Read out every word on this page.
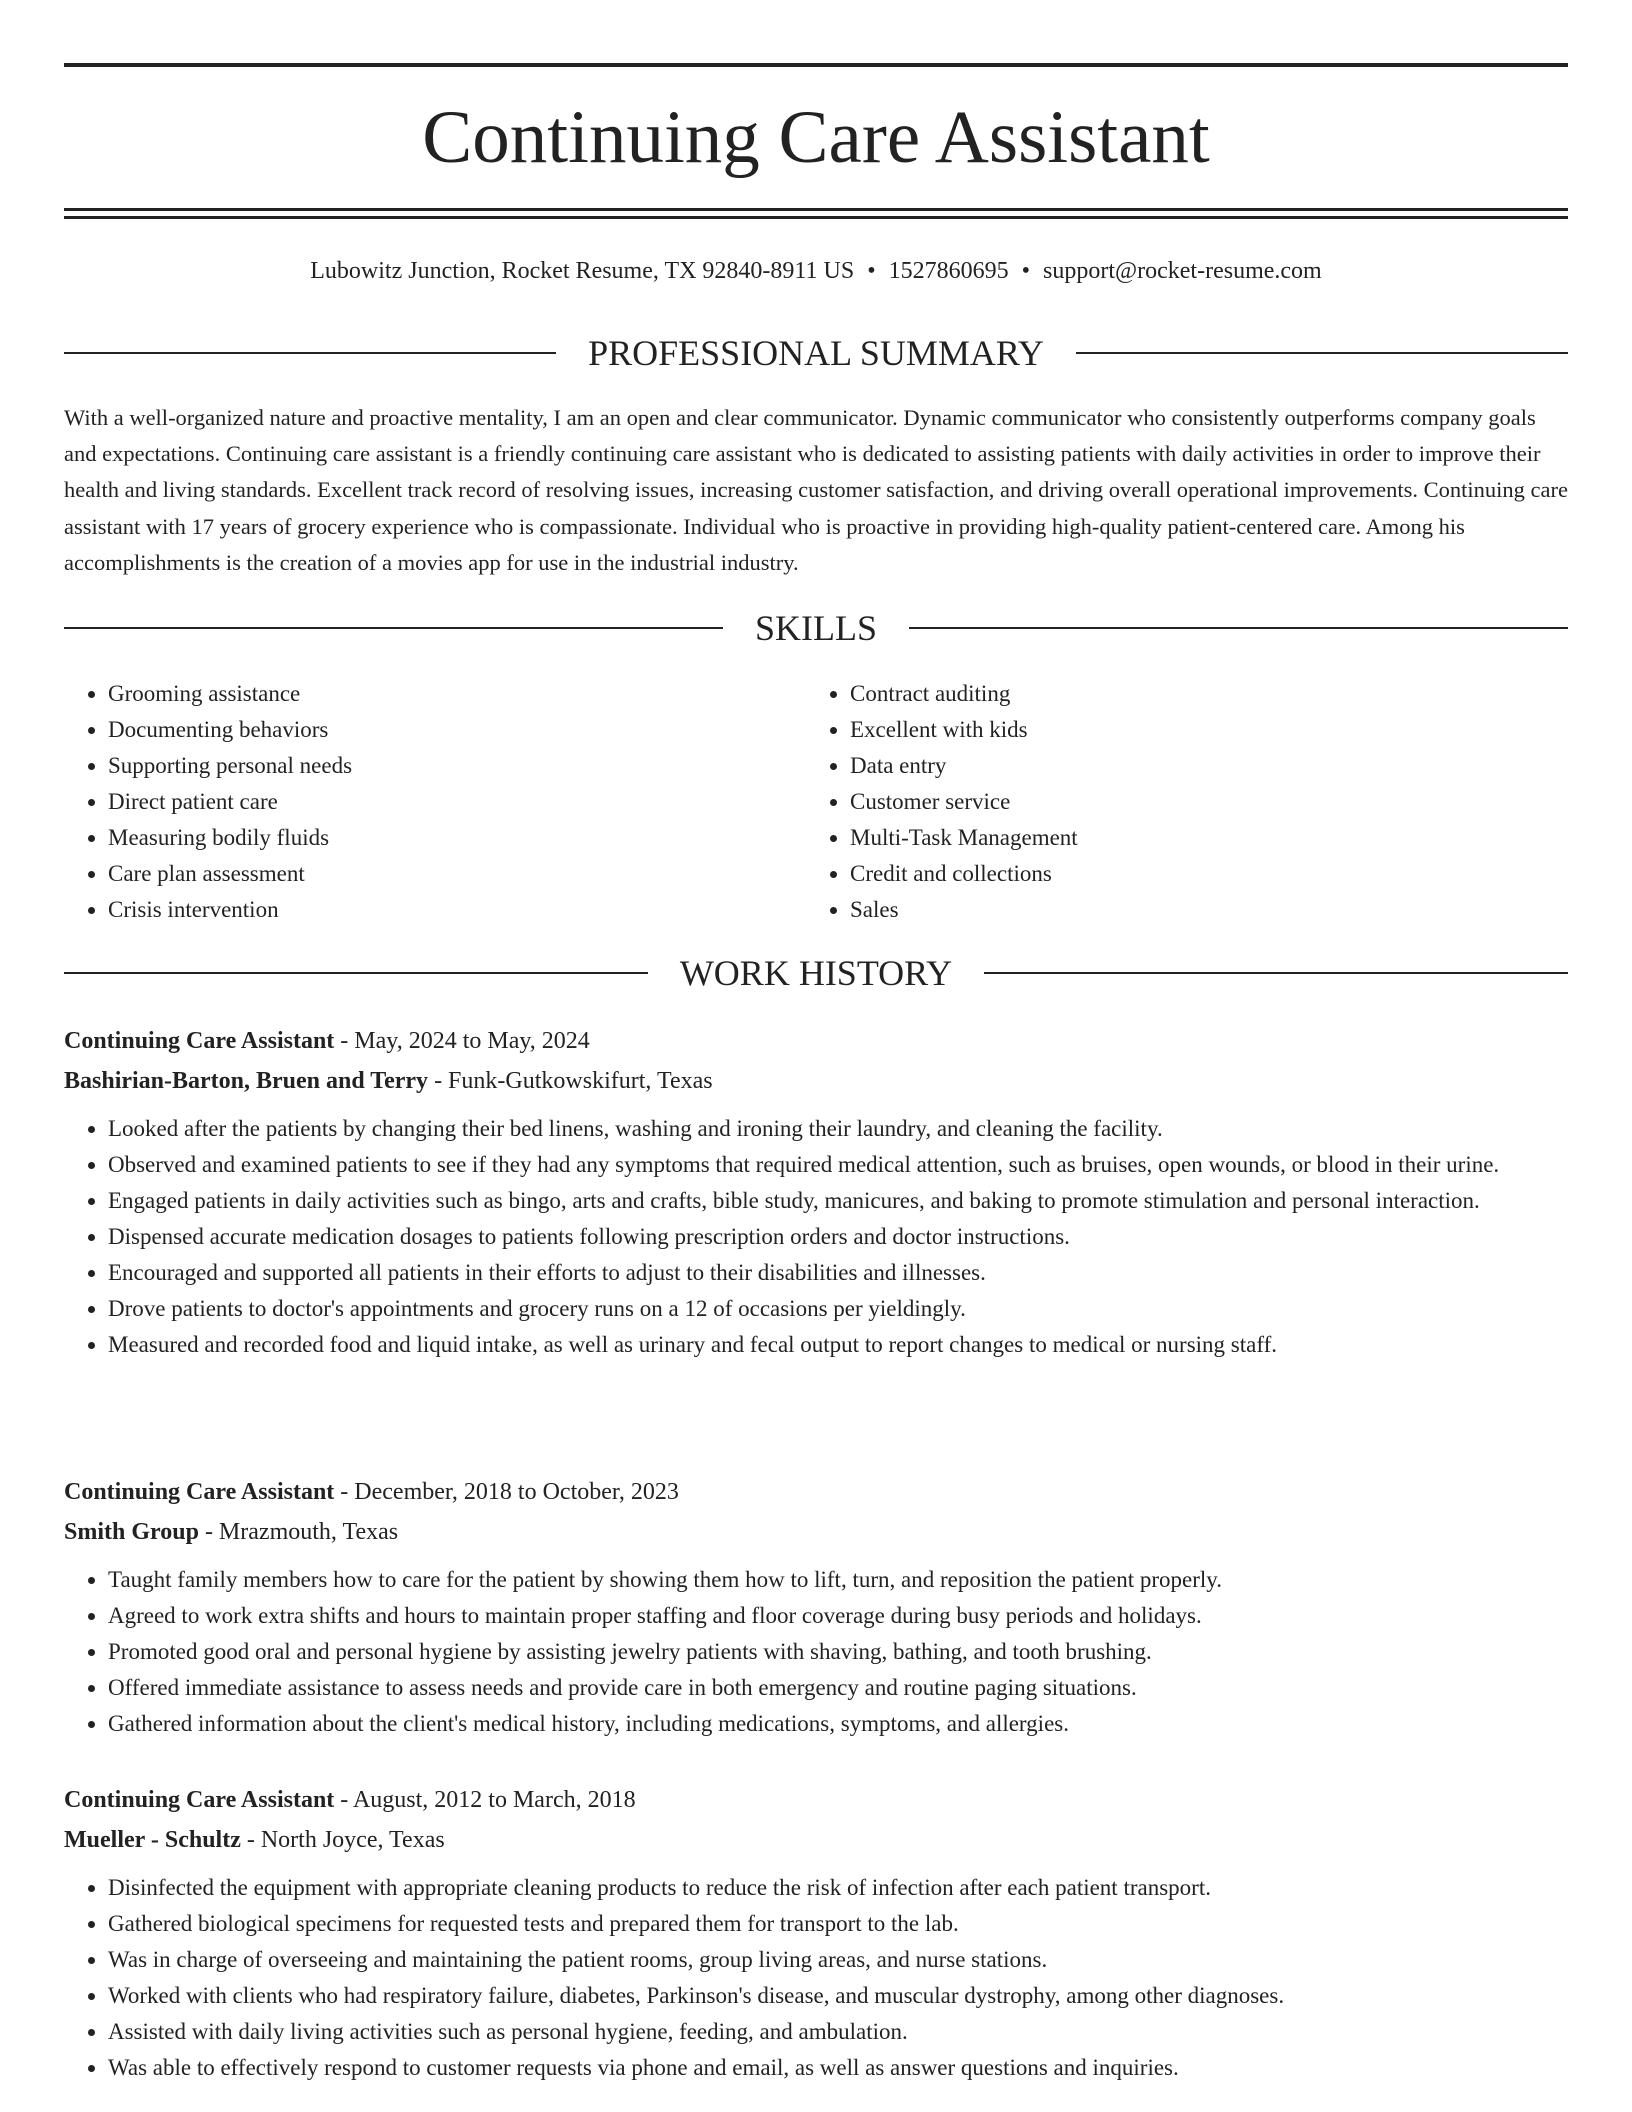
Continuing Care Assistant
Lubowitz Junction, Rocket Resume, TX 92840-8911 US • 1527860695 • support@rocket-resume.com
PROFESSIONAL SUMMARY

With a well-organized nature and proactive mentality, I am an open and clear communicator. Dynamic communicator who consistently outperforms company goals and expectations. Continuing care assistant is a friendly continuing care assistant who is dedicated to assisting patients with daily activities in order to improve their health and living standards. Excellent track record of resolving issues, increasing customer satisfaction, and driving overall operational improvements. Continuing care assistant with 17 years of grocery experience who is compassionate. Individual who is proactive in providing high-quality patient-centered care. Among his accomplishments is the creation of a movies app for use in the industrial industry.

SKILLS
• Grooming assistance
• Documenting behaviors
• Supporting personal needs
• Direct patient care
• Measuring bodily fluids
• Care plan assessment
• Crisis intervention
• Contract auditing
• Excellent with kids
• Data entry
• Customer service
• Multi-Task Management
• Credit and collections
• Sales
WORK HISTORY
Continuing Care Assistant - May, 2024 to May, 2024
Bashirian-Barton, Bruen and Terry - Funk-Gutkowskifurt, Texas
• Looked after the patients by changing their bed linens, washing and ironing their laundry, and cleaning the facility.
• Observed and examined patients to see if they had any symptoms that required medical attention, such as bruises, open wounds, or blood in their urine.
• Engaged patients in daily activities such as bingo, arts and crafts, bible study, manicures, and baking to promote stimulation and personal interaction.
• Dispensed accurate medication dosages to patients following prescription orders and doctor instructions.
• Encouraged and supported all patients in their efforts to adjust to their disabilities and illnesses.
• Drove patients to doctor's appointments and grocery runs on a 12 of occasions per yieldingly.
• Measured and recorded food and liquid intake, as well as urinary and fecal output to report changes to medical or nursing staff.
Continuing Care Assistant - December, 2018 to October, 2023
Smith Group - Mrazmouth, Texas
• Taught family members how to care for the patient by showing them how to lift, turn, and reposition the patient properly.
• Agreed to work extra shifts and hours to maintain proper staffing and floor coverage during busy periods and holidays.
• Promoted good oral and personal hygiene by assisting jewelry patients with shaving, bathing, and tooth brushing.
• Offered immediate assistance to assess needs and provide care in both emergency and routine paging situations.
• Gathered information about the client's medical history, including medications, symptoms, and allergies.
Continuing Care Assistant - August, 2012 to March, 2018
Mueller - Schultz - North Joyce, Texas
• Disinfected the equipment with appropriate cleaning products to reduce the risk of infection after each patient transport.
• Gathered biological specimens for requested tests and prepared them for transport to the lab.
• Was in charge of overseeing and maintaining the patient rooms, group living areas, and nurse stations.
• Worked with clients who had respiratory failure, diabetes, Parkinson's disease, and muscular dystrophy, among other diagnoses.
• Assisted with daily living activities such as personal hygiene, feeding, and ambulation.
• Was able to effectively respond to customer requests via phone and email, as well as answer questions and inquiries.
